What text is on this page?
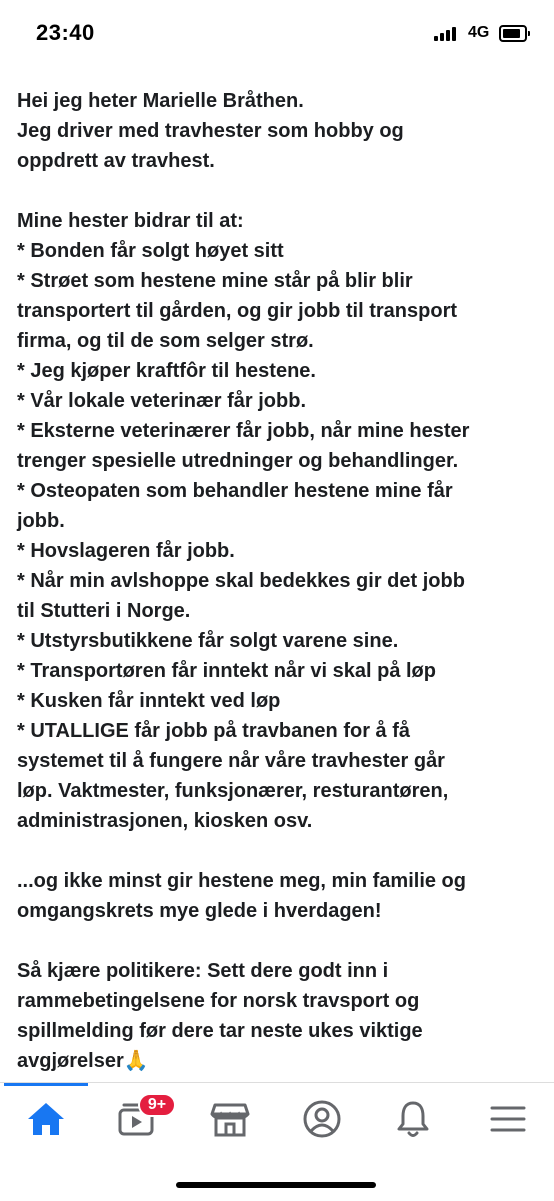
23:40	4G
Hei jeg heter Marielle Bråthen.
Jeg driver med travhester som hobby og
oppdrett av travhest.
Mine hester bidrar til at:
* Bonden får solgt høyet sitt
* Strøet som hestene mine står på blir blir
transportert til gården, og gir jobb til transport
firma, og til de som selger strø.
* Jeg kjøper kraftfôr til hestene.
* Vår lokale veterinær får jobb.
* Eksterne veterinærer får jobb, når mine hester
trenger spesielle utredninger og behandlinger.
* Osteopaten som behandler hestene mine får
jobb.
* Hovslageren får jobb.
* Når min avlshoppe skal bedekkes gir det jobb
til Stutteri i Norge.
* Utstyrsbutikkene får solgt varene sine.
* Transportøren får inntekt når vi skal på løp
* Kusken får inntekt ved løp
* UTALLIGE får jobb på travbanen for å få
systemet til å fungere når våre travhester går
løp. Vaktmester, funksjonærer, resturantøren,
administrasjonen, kiosken osv.
...og ikke minst gir hestene meg, min familie og
omgangskrets mye glede i hverdagen!
Så kjære politikere: Sett dere godt inn i
rammebetingelsene for norsk travsport og
spillmelding før dere tar neste ukes viktige
avgjørelser🙏
9+
